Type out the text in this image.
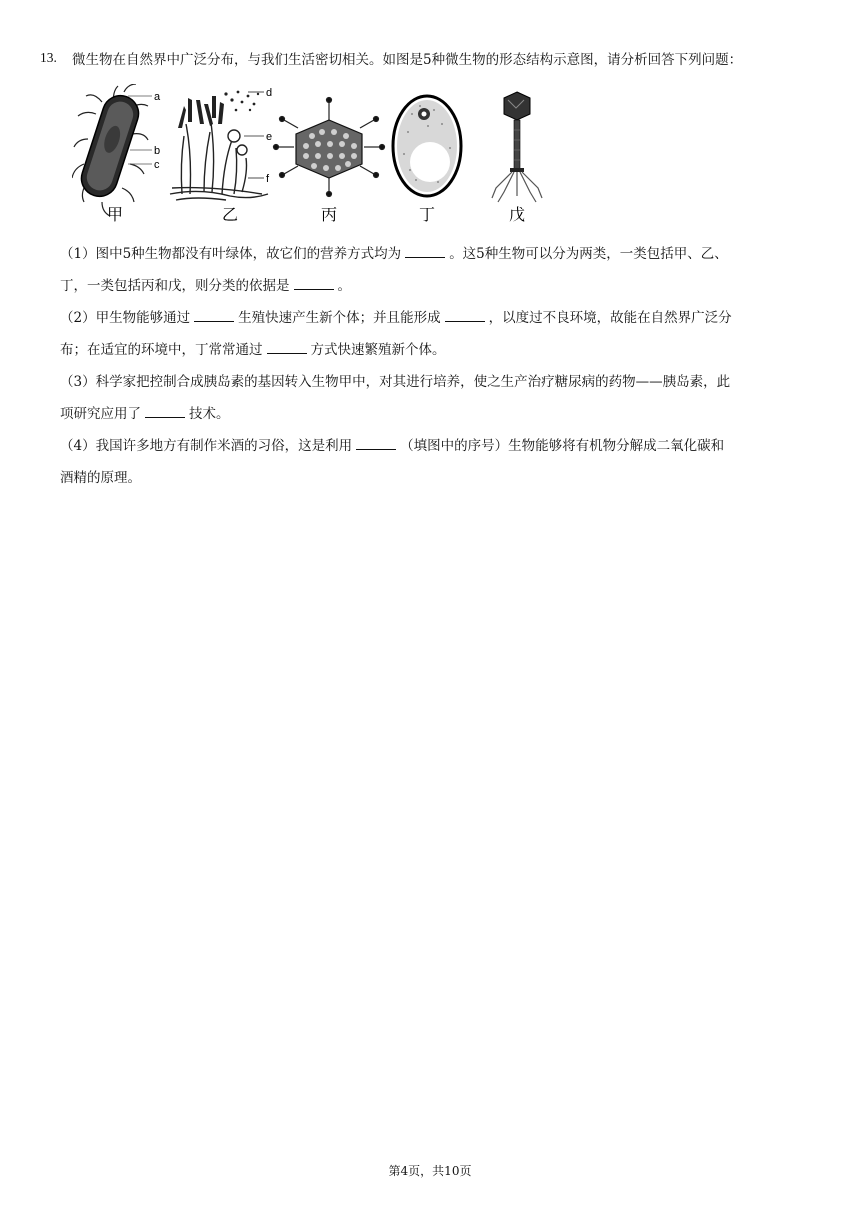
13. 微生物在自然界中广泛分布，与我们生活密切相关。如图是5种微生物的形态结构示意图，请分析回答下列问题：
a
b
c
d
e
f
甲	乙	丙	丁	戊
（1）图中5种生物都没有叶绿体，故它们的营养方式均为	。这5种生物可以分为两类，一类包括甲、乙、
丁，一类包括丙和戊，则分类的依据是	。
（2）甲生物能够通过	生殖快速产生新个体；并且能形成	，以度过不良环境，故能在自然界广泛分
布；在适宜的环境中，丁常常通过	方式快速繁殖新个体。
（3）科学家把控制合成胰岛素的基因转入生物甲中，对其进行培养，使之生产治疗糖尿病的药物——胰岛素，此
项研究应用了	技术。
（4）我国许多地方有制作米酒的习俗，这是利用	（填图中的序号）生物能够将有机物分解成二氧化碳和
酒精的原理。
第4页，共10页
